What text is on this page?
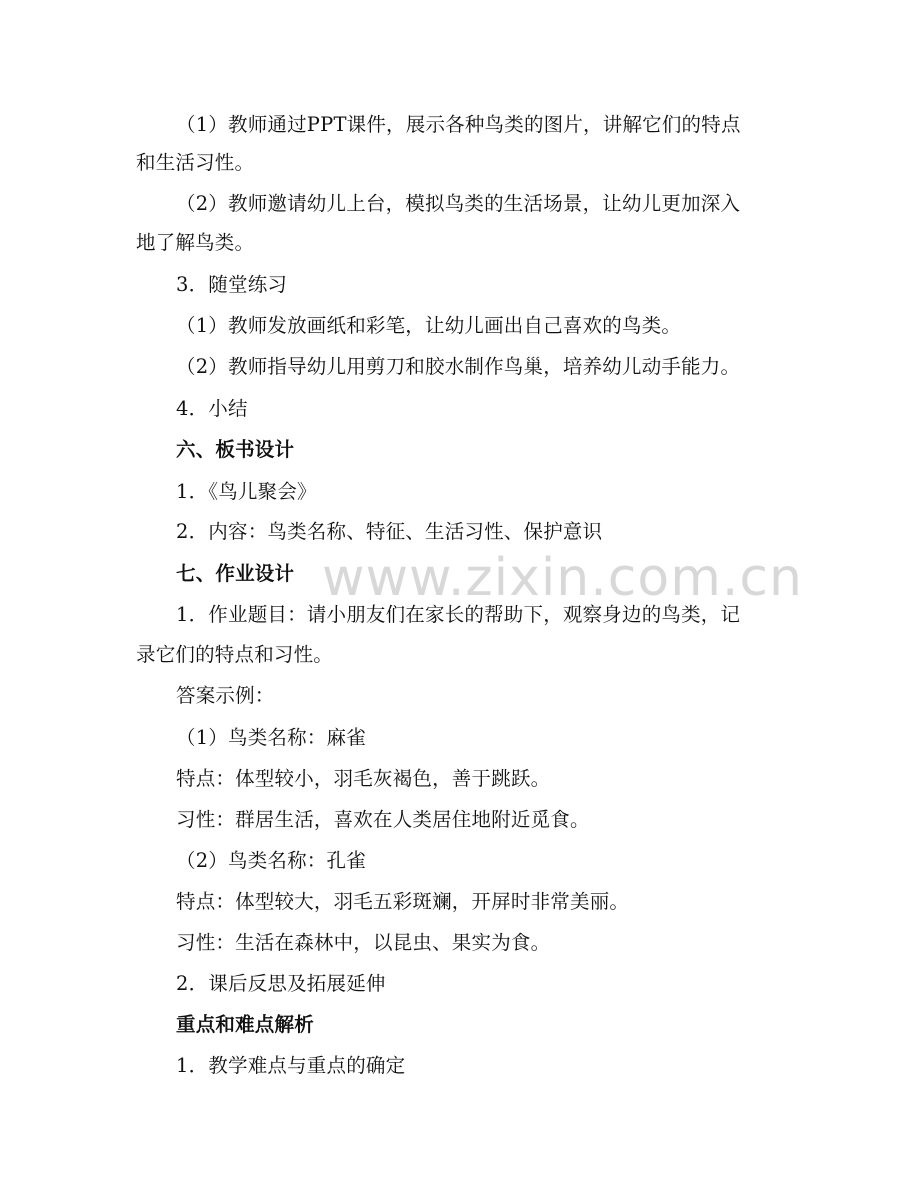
（1）教师通过PPT课件，展示各种鸟类的图片，讲解它们的特点
和生活习性。
（2）教师邀请幼儿上台，模拟鸟类的生活场景，让幼儿更加深入
地了解鸟类。
3．随堂练习
（1）教师发放画纸和彩笔，让幼儿画出自己喜欢的鸟类。
（2）教师指导幼儿用剪刀和胶水制作鸟巢，培养幼儿动手能力。
4．小结
六、板书设计
1．《鸟儿聚会》
2．内容：鸟类名称、特征、生活习性、保护意识
七、作业设计
1．作业题目：请小朋友们在家长的帮助下，观察身边的鸟类，记
录它们的特点和习性。
答案示例：
（1）鸟类名称：麻雀
特点：体型较小，羽毛灰褐色，善于跳跃。
习性：群居生活，喜欢在人类居住地附近觅食。
（2）鸟类名称：孔雀
特点：体型较大，羽毛五彩斑斓，开屏时非常美丽。
习性：生活在森林中，以昆虫、果实为食。
2．课后反思及拓展延伸
重点和难点解析
1．教学难点与重点的确定
www.zixin.com.cn
